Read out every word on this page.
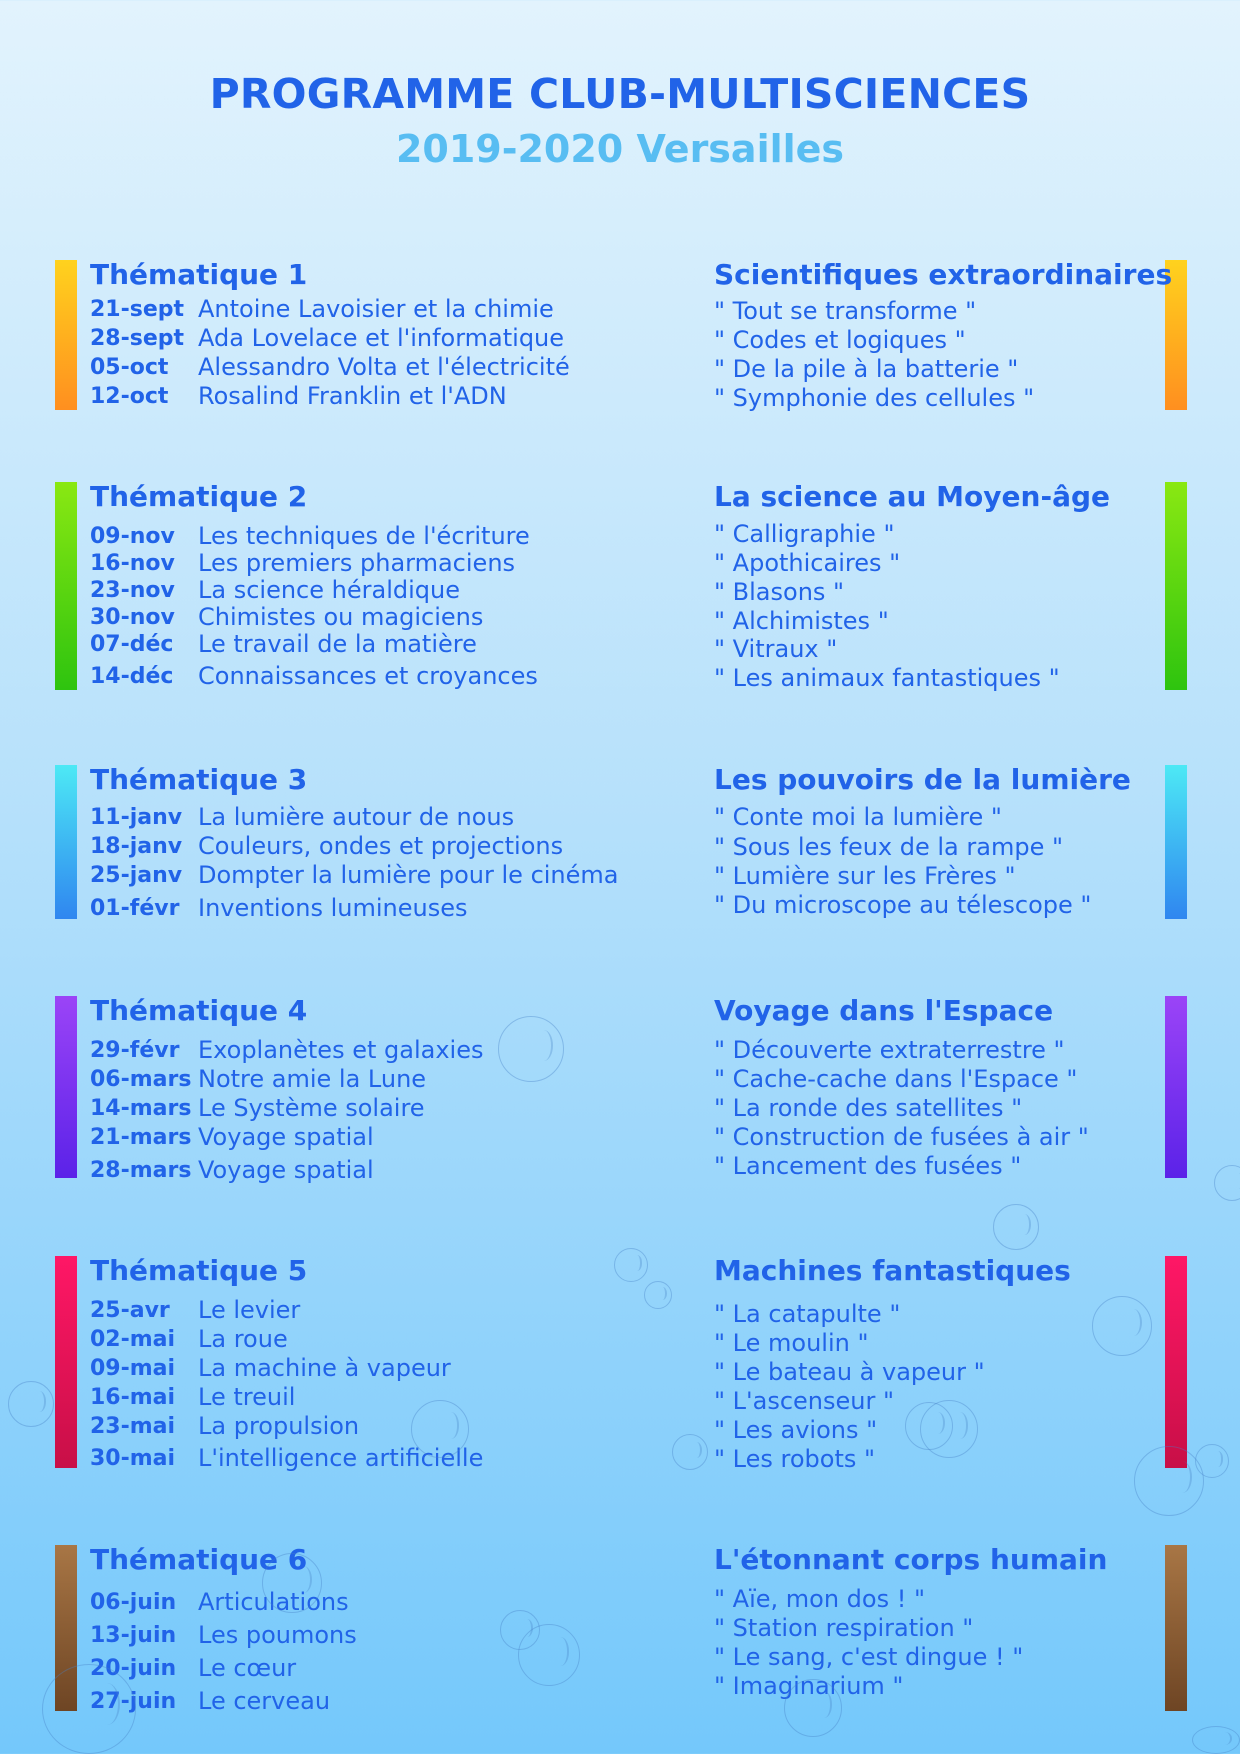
PROGRAMME CLUB-MULTISCIENCES
2019-2020 Versailles
Thématique 1	Scientifiques extraordinaires
21-sept Antoine Lavoisier et la chimie
28-sept Ada Lovelace et l'informatique
05-oct Alessandro Volta et l'électricité
12-oct Rosalind Franklin et l'ADN
" Tout se transforme "
" Codes et logiques "
" De la pile à la batterie "
" Symphonie des cellules "
Thématique 2	La science au Moyen-âge
09-nov Les techniques de l'écriture
16-nov Les premiers pharmaciens
23-nov La science héraldique
30-nov Chimistes ou magiciens
07-déc Le travail de la matière
14-déc Connaissances et croyances
" Calligraphie "
" Apothicaires "
" Blasons "
" Alchimistes "
" Vitraux "
" Les animaux fantastiques "
Thématique 3	Les pouvoirs de la lumière
11-janv La lumière autour de nous
18-janv Couleurs, ondes et projections
25-janv Dompter la lumière pour le cinéma
01-févr Inventions lumineuses
" Conte moi la lumière "
" Sous les feux de la rampe "
" Lumière sur les Frères "
" Du microscope au télescope "
Thématique 4	Voyage dans l'Espace
29-févr Exoplanètes et galaxies
06-mars Notre amie la Lune
14-mars Le Système solaire
21-mars Voyage spatial
28-mars Voyage spatial
" Découverte extraterrestre "
" Cache-cache dans l'Espace "
" La ronde des satellites "
" Construction de fusées à air "
" Lancement des fusées "
Thématique 5	Machines fantastiques
25-avr Le levier
02-mai La roue
09-mai La machine à vapeur
16-mai Le treuil
23-mai La propulsion
30-mai L'intelligence artificielle
" La catapulte "
" Le moulin "
" Le bateau à vapeur "
" L'ascenseur "
" Les avions "
" Les robots "
Thématique 6	L'étonnant corps humain
06-juin Articulations
13-juin Les poumons
20-juin Le cœur
27-juin Le cerveau
" Aïe, mon dos ! "
" Station respiration "
" Le sang, c'est dingue ! "
" Imaginarium "
